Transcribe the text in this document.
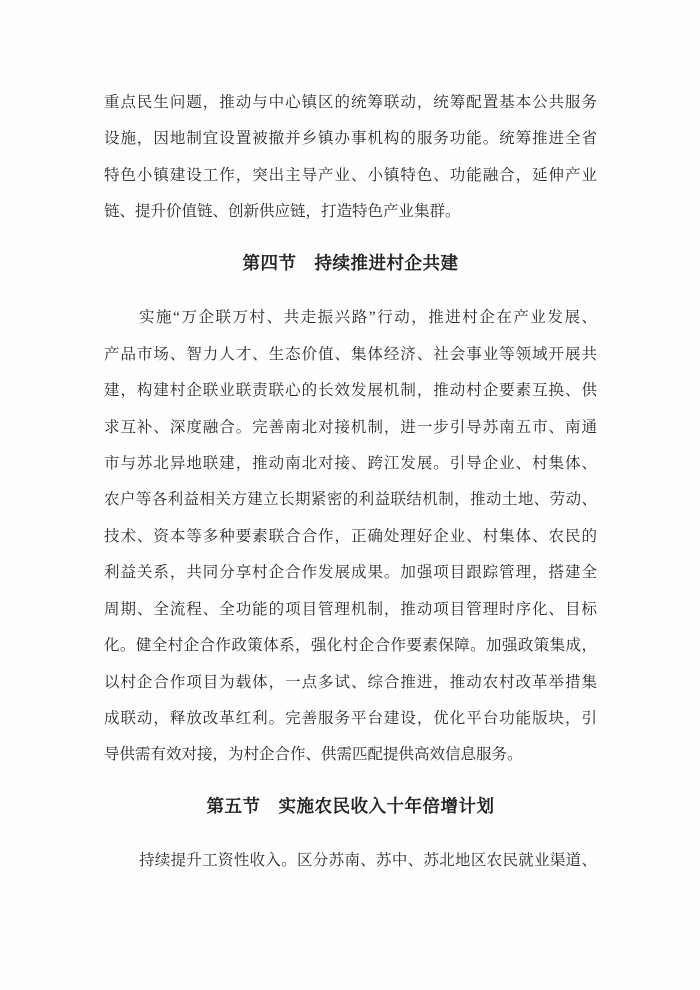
重点民生问题，推动与中心镇区的统筹联动，统筹配置基本公共服务
设施，因地制宜设置被撤并乡镇办事机构的服务功能。统筹推进全省
特色小镇建设工作，突出主导产业、小镇特色、功能融合，延伸产业
链、提升价值链、创新供应链，打造特色产业集群。
第四节　持续推进村企共建
实施“万企联万村、共走振兴路”行动，推进村企在产业发展、
产品市场、智力人才、生态价值、集体经济、社会事业等领域开展共
建，构建村企联业联责联心的长效发展机制，推动村企要素互换、供
求互补、深度融合。完善南北对接机制，进一步引导苏南五市、南通
市与苏北异地联建，推动南北对接、跨江发展。引导企业、村集体、
农户等各利益相关方建立长期紧密的利益联结机制，推动土地、劳动、
技术、资本等多种要素联合合作，正确处理好企业、村集体、农民的
利益关系，共同分享村企合作发展成果。加强项目跟踪管理，搭建全
周期、全流程、全功能的项目管理机制，推动项目管理时序化、目标
化。健全村企合作政策体系，强化村企合作要素保障。加强政策集成，
以村企合作项目为载体，一点多试、综合推进，推动农村改革举措集
成联动，释放改革红利。完善服务平台建设，优化平台功能版块，引
导供需有效对接，为村企合作、供需匹配提供高效信息服务。
第五节　实施农民收入十年倍增计划
持续提升工资性收入。区分苏南、苏中、苏北地区农民就业渠道、
